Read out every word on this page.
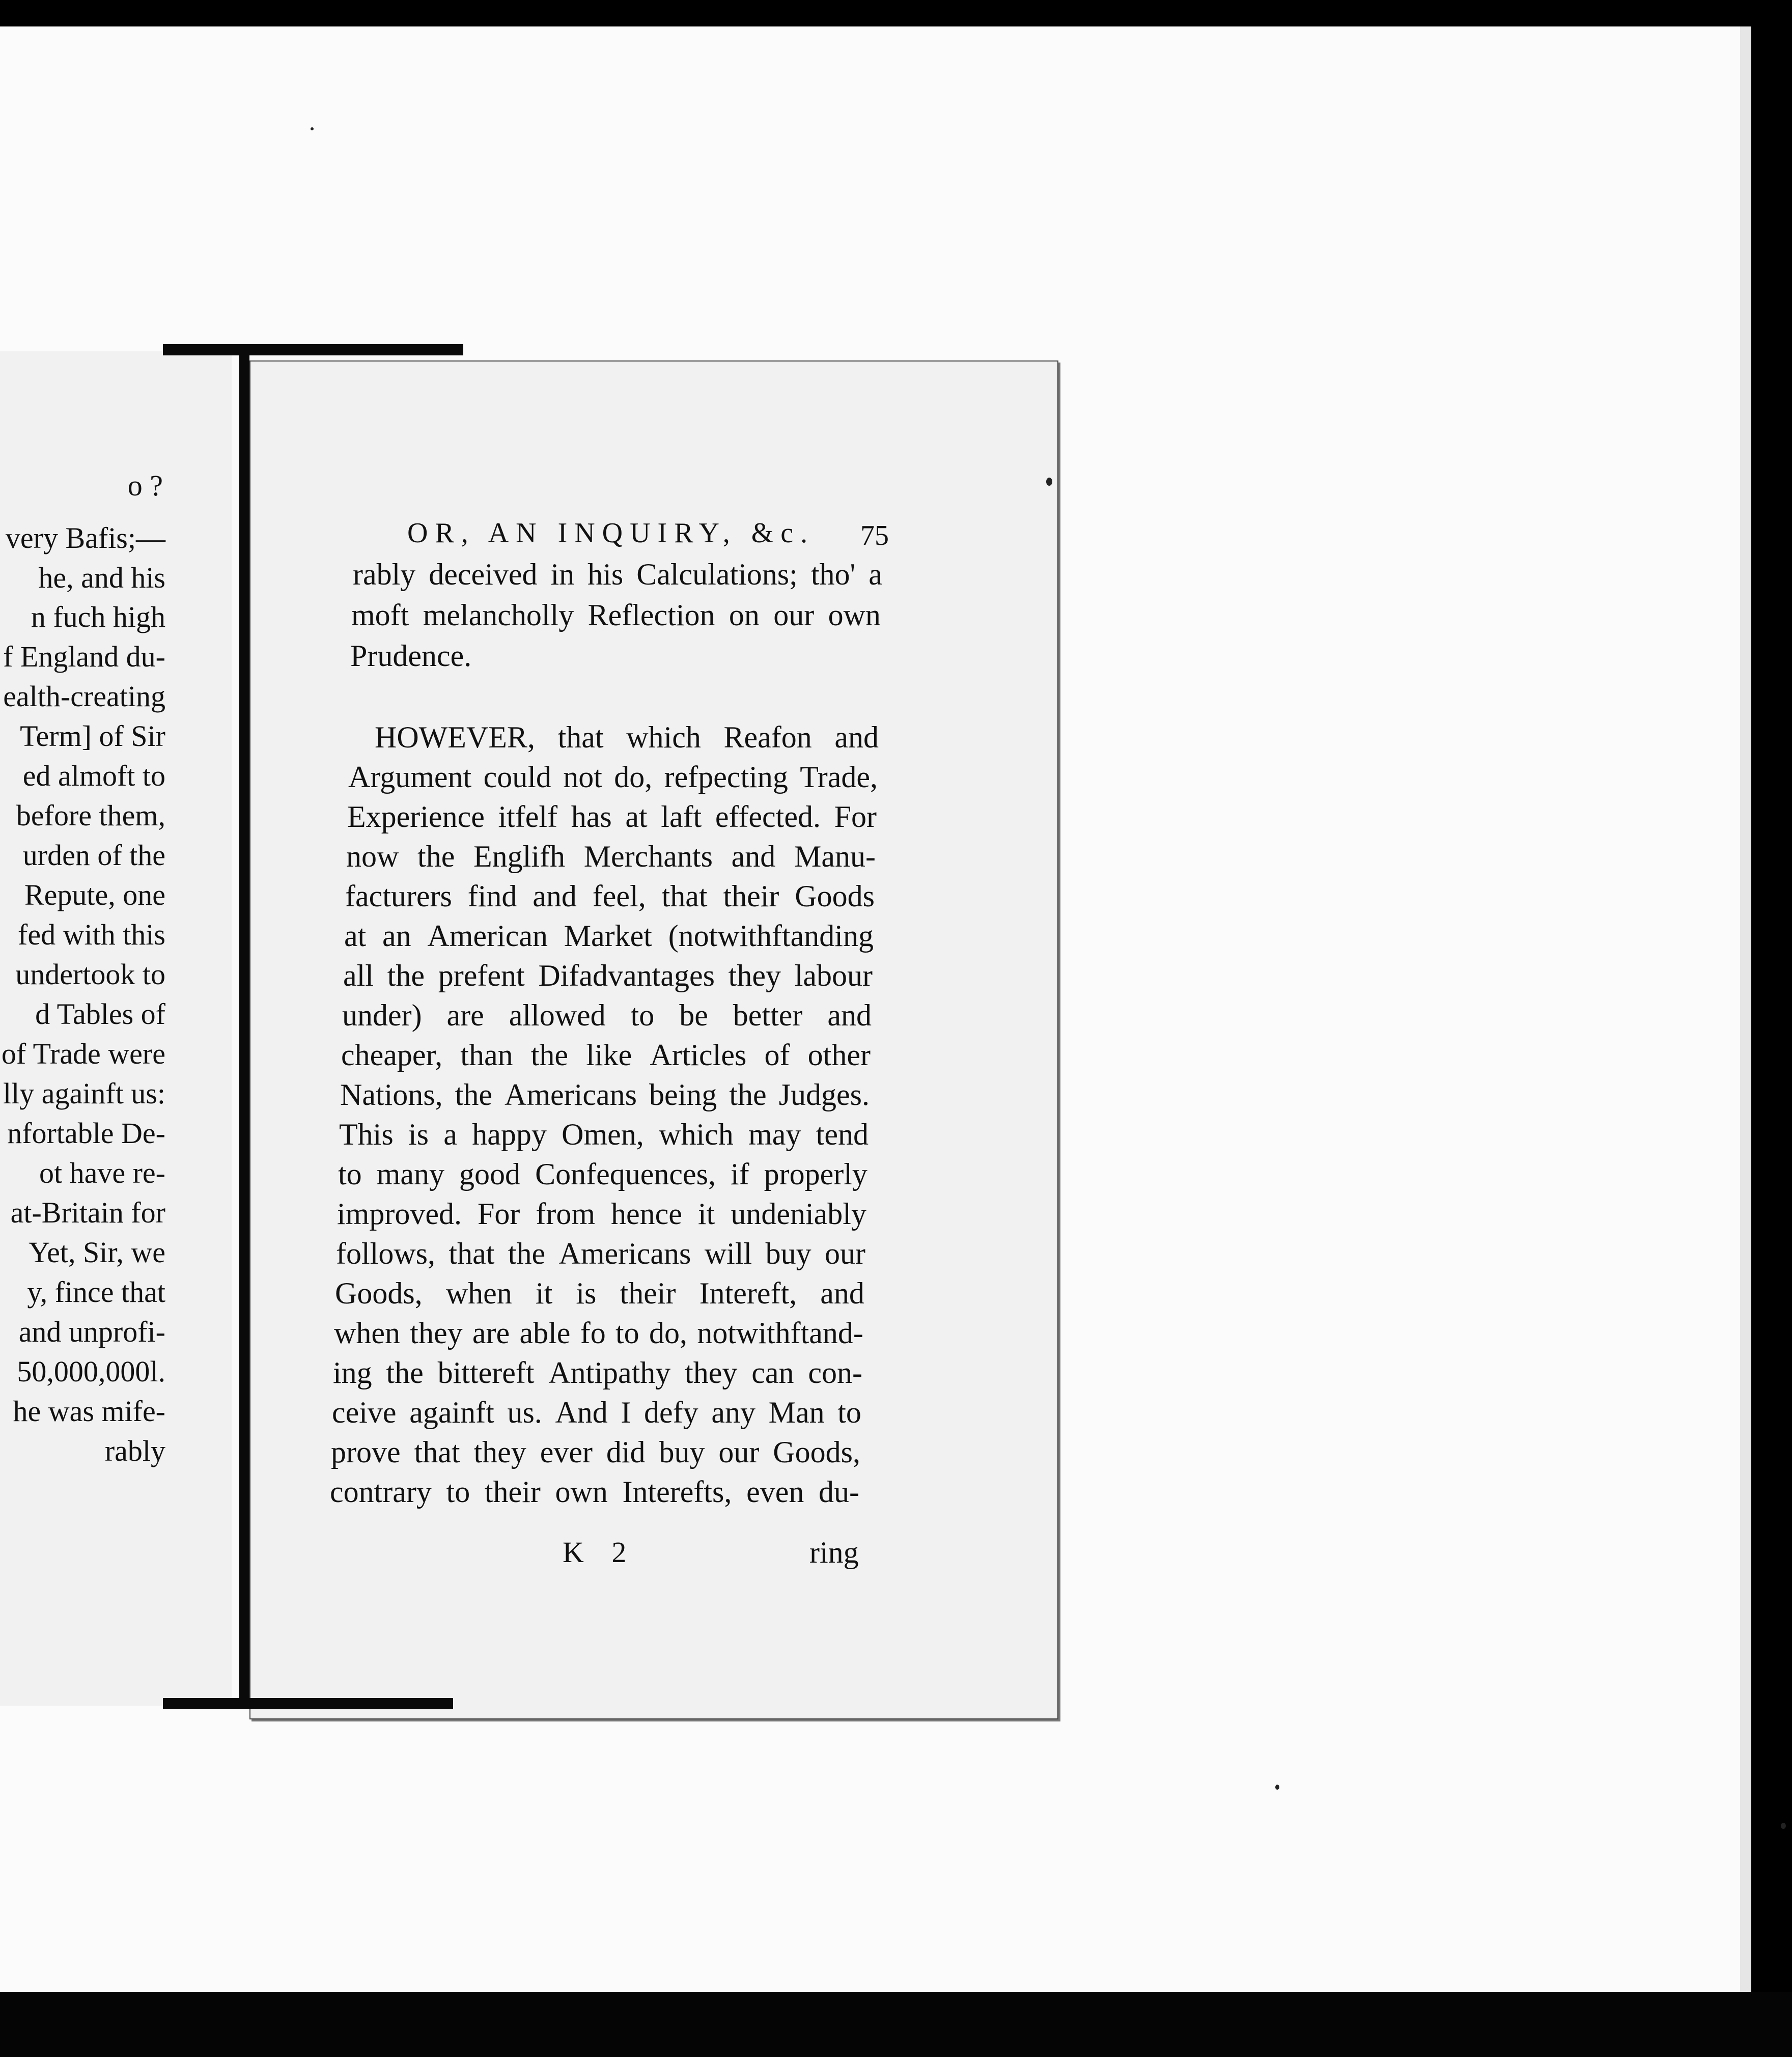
o ?
very Bafis;—
he, and his
n fuch high
f England du-
ealth-creating
Term] of Sir
ed almoft to
before them,
urden of the
Repute, one
fed with this
undertook to
d Tables of
of Trade were
lly againft us:
nfortable De-
ot have re-
at-Britain for
Yet, Sir, we
y, fince that
and unprofi-
50,000,000l.
he was mife-
rably
OR, AN INQUIRY, &c. 75
rably deceived in his Calculations; tho' a
moft melancholly Reflection on our own
Prudence.
HOWEVER, that which Reafon and
Argument could not do, refpecting Trade,
Experience itfelf has at laft effected. For
now the Englifh Merchants and Manu-
facturers find and feel, that their Goods
at an American Market (notwithftanding
all the prefent Difadvantages they labour
under) are allowed to be better and
cheaper, than the like Articles of other
Nations, the Americans being the Judges.
This is a happy Omen, which may tend
to many good Confequences, if properly
improved. For from hence it undeniably
follows, that the Americans will buy our
Goods, when it is their Intereft, and
when they are able fo to do, notwithftand-
ing the bittereft Antipathy they can con-
ceive againft us. And I defy any Man to
prove that they ever did buy our Goods,
contrary to their own Interefts, even du-
K 2	ring
